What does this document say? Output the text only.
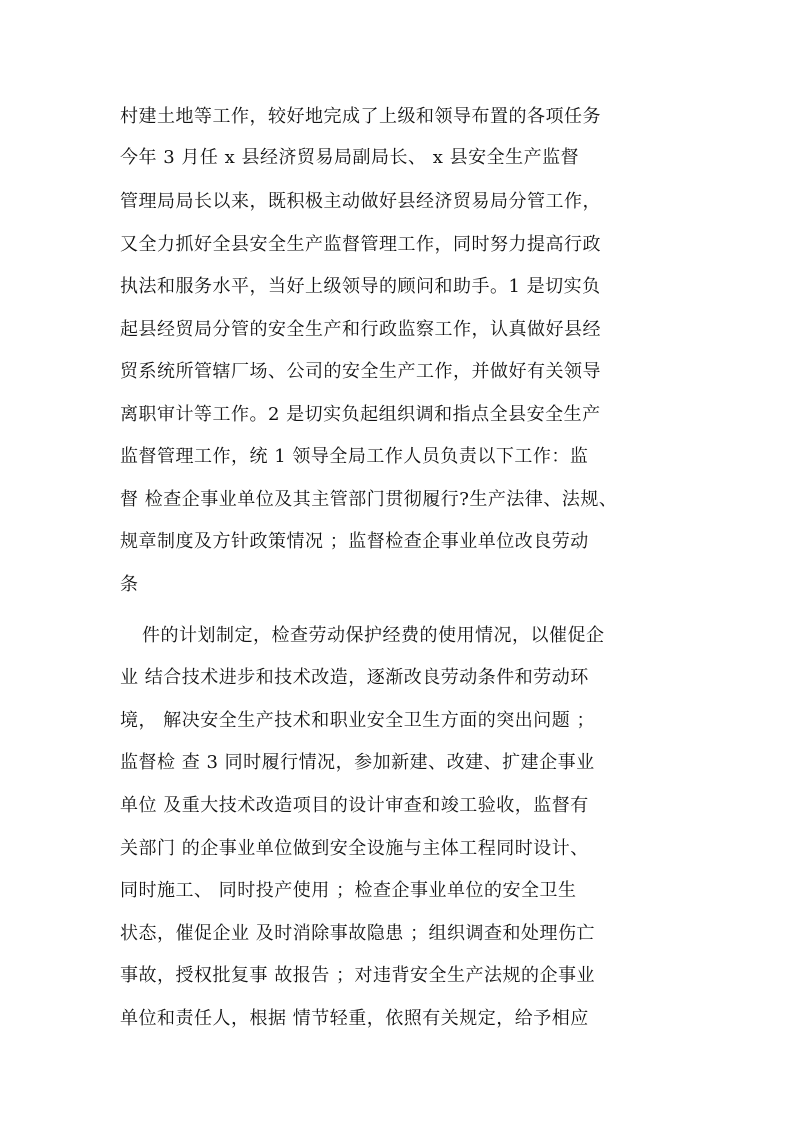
村建土地等工作，较好地完成了上级和领导布置的各项任务
今年 3 月任 x 县经济贸易局副局长、 x 县安全生产监督
管理局局长以来，既积极主动做好县经济贸易局分管工作，
又全力抓好全县安全生产监督管理工作，同时努力提高行政
执法和服务水平，当好上级领导的顾问和助手。1 是切实负
起县经贸局分管的安全生产和行政监察工作，认真做好县经
贸系统所管辖厂场、公司的安全生产工作，并做好有关领导
离职审计等工作。2 是切实负起组织调和指点全县安全生产
监督管理工作，统 1 领导全局工作人员负责以下工作：监
督 检查企事业单位及其主管部门贯彻履行?生产法律、法规、
规章制度及方针政策情况 ；监督检查企事业单位改良劳动
条
件的计划制定，检查劳动保护经费的使用情况，以催促企
业 结合技术进步和技术改造，逐渐改良劳动条件和劳动环
境， 解决安全生产技术和职业安全卫生方面的突出问题 ；
监督检 查 3 同时履行情况，参加新建、改建、扩建企事业
单位 及重大技术改造项目的设计审查和竣工验收，监督有
关部门 的企事业单位做到安全设施与主体工程同时设计、
同时施工、 同时投产使用 ；检查企事业单位的安全卫生
状态，催促企业 及时消除事故隐患 ；组织调查和处理伤亡
事故，授权批复事 故报告 ；对违背安全生产法规的企事业
单位和责任人，根据 情节轻重，依照有关规定，给予相应
